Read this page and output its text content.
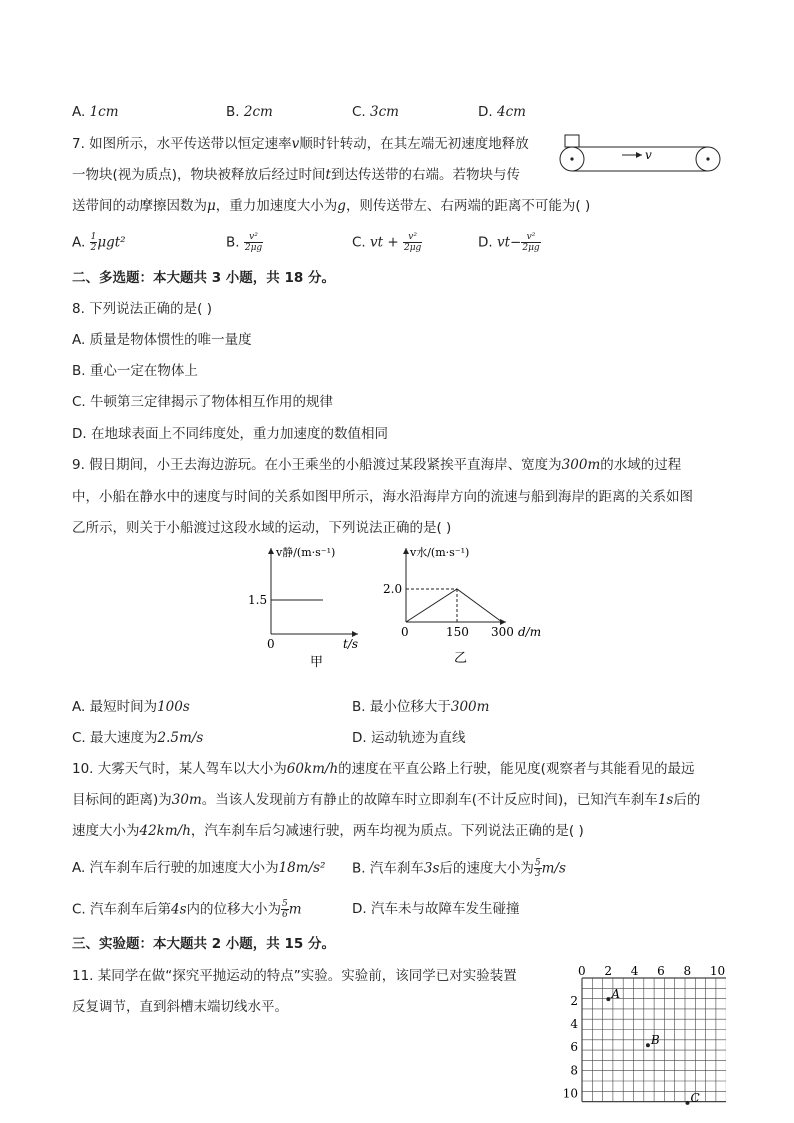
A. 1cm	B. 2cm	C. 3cm	D. 4cm
7. 如图所示，水平传送带以恒定速率v顺时针转动，在其左端无初速度地释放
一物块(视为质点)，物块被释放后经过时间t到达传送带的右端。若物块与传
送带间的动摩擦因数为μ，重力加速度大小为g，则传送带左、右两端的距离不可能为( )
v
A. $\frac{1}{2} \mu gt^2$	B. $\frac{\text{v²}}{2\mu g}$	C. vt + $\frac{\text{v²}}{2\mu g}$	D. $vt- \frac{\text{v²}}{2\mu g}$
二、多选题：本大题共 3 小题，共 18 分。
8. 下列说法正确的是( )
A. 质量是物体惯性的唯一量度
B. 重心一定在物体上
C. 牛顿第三定律揭示了物体相互作用的规律
D. 在地球表面上不同纬度处，重力加速度的数值相同
9. 假日期间，小王去海边游玩。在小王乘坐的小船渡过某段紧挨平直海岸、宽度为300m的水域的过程
中，小船在静水中的速度与时间的关系如图甲所示，海水沿海岸方向的流速与船到海岸的距离的关系如图
乙所示，则关于小船渡过这段水域的运动，下列说法正确的是( )
v静/(m·s⁻¹)
1.5
0	t/s
甲
v水/(m·s⁻¹)
2.0
0	150 300 d/m
乙
A. 最短时间为100s	B. 最小位移大于300m
C. 最大速度为2.5m/s	D. 运动轨迹为直线
10. 大雾天气时，某人驾车以大小为60km/h的速度在平直公路上行驶，能见度(观察者与其能看见的最远
目标间的距离)为30m。当该人发现前方有静止的故障车时立即刹车(不计反应时间)，已知汽车刹车1s后的
速度大小为42km/h，汽车刹车后匀减速行驶，两车均视为质点。下列说法正确的是( )
A. 汽车刹车后行驶的加速度大小为18m/s² B. 汽车刹车3s后的速度大小为 $\frac{5}{3} m/s$
C. 汽车刹车后第4s内的位移大小为 $\frac{5}{6}$ m	D. 汽车未与故障车发生碰撞
三、实验题：本大题共 2 小题，共 15 分。
11. 某同学在做“探究平抛运动的特点”实验。实验前，该同学已对实验装置
反复调节，直到斜槽末端切线水平。
0 2 4 6 8 10
2
4
6
8
10
A
B
C
